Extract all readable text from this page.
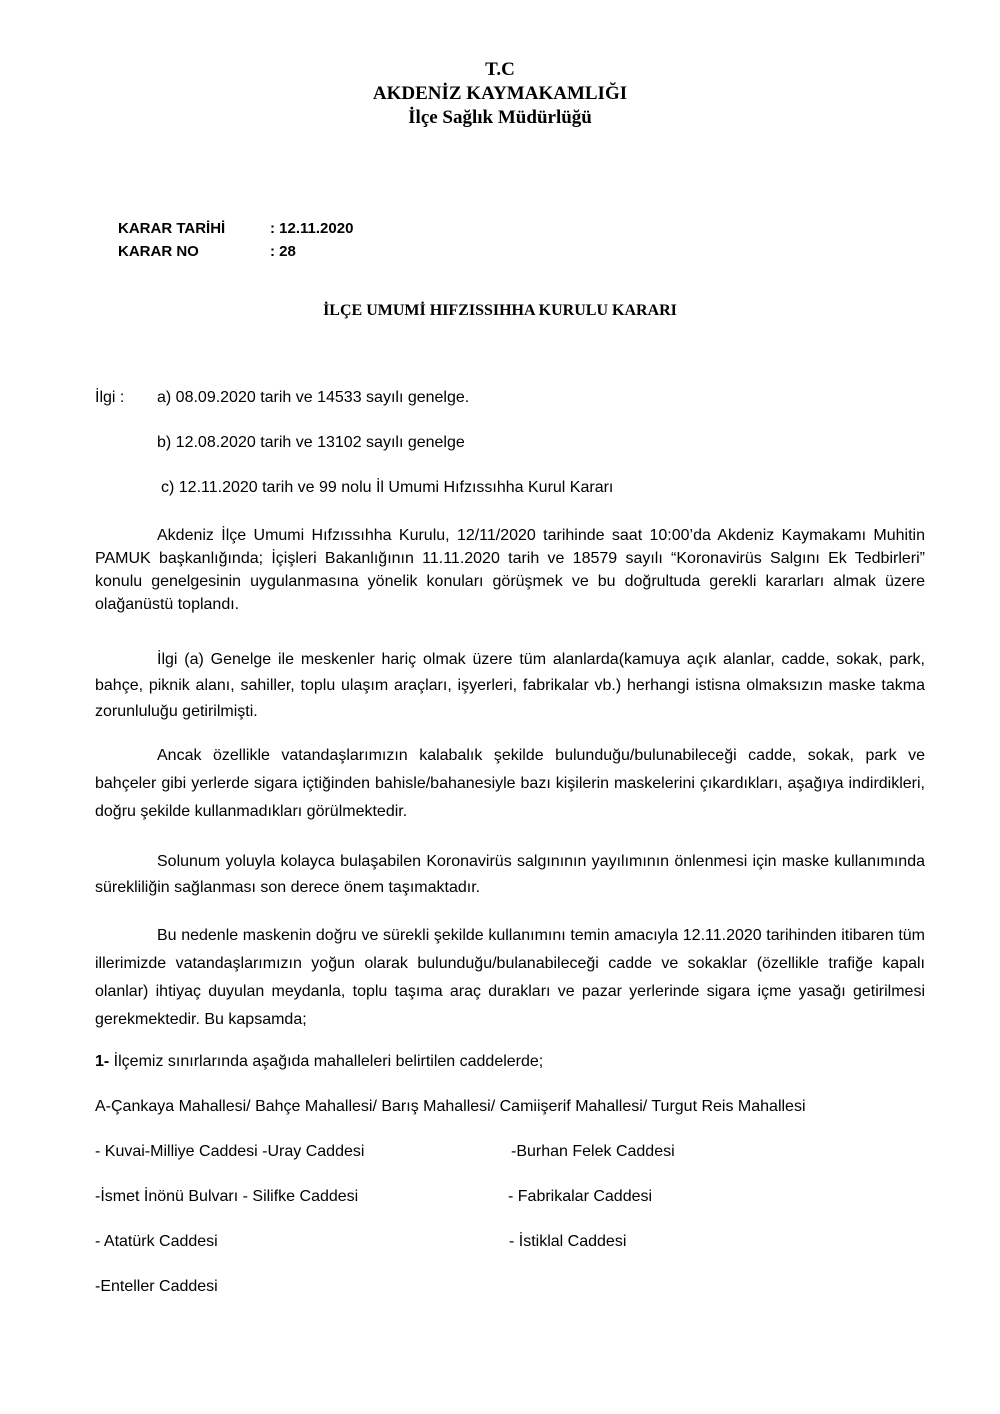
T.C
AKDENİZ KAYMAKAMLIĞI
İlçe Sağlık Müdürlüğü
KARAR TARİHİ	: 12.11.2020
KARAR NO	: 28
İLÇE UMUMİ HIFZISSIHHA KURULU KARARI
İlgi : a) 08.09.2020 tarih ve 14533 sayılı genelge.
b) 12.08.2020 tarih ve 13102 sayılı genelge
c) 12.11.2020 tarih ve 99 nolu İl Umumi Hıfzıssıhha Kurul Kararı
Akdeniz İlçe Umumi Hıfzıssıhha Kurulu, 12/11/2020 tarihinde saat 10:00’da Akdeniz Kaymakamı Muhitin PAMUK başkanlığında; İçişleri Bakanlığının 11.11.2020 tarih ve 18579 sayılı “Koronavirüs Salgını Ek Tedbirleri” konulu genelgesinin uygulanmasına yönelik konuları görüşmek ve bu doğrultuda gerekli kararları almak üzere olağanüstü toplandı.
İlgi (a) Genelge ile meskenler hariç olmak üzere tüm alanlarda(kamuya açık alanlar, cadde, sokak, park, bahçe, piknik alanı, sahiller, toplu ulaşım araçları, işyerleri, fabrikalar vb.) herhangi istisna olmaksızın maske takma zorunluluğu getirilmişti.
Ancak özellikle vatandaşlarımızın kalabalık şekilde bulunduğu/bulunabileceği cadde, sokak, park ve bahçeler gibi yerlerde sigara içtiğinden bahisle/bahanesiyle bazı kişilerin maskelerini çıkardıkları, aşağıya indirdikleri, doğru şekilde kullanmadıkları görülmektedir.
Solunum yoluyla kolayca bulaşabilen Koronavirüs salgınının yayılımının önlenmesi için maske kullanımında sürekliliğin sağlanması son derece önem taşımaktadır.
Bu nedenle maskenin doğru ve sürekli şekilde kullanımını temin amacıyla 12.11.2020 tarihinden itibaren tüm illerimizde vatandaşlarımızın yoğun olarak bulunduğu/bulanabileceği cadde ve sokaklar (özellikle trafiğe kapalı olanlar) ihtiyaç duyulan meydanla, toplu taşıma araç durakları ve pazar yerlerinde sigara içme yasağı getirilmesi gerekmektedir. Bu kapsamda;
1- İlçemiz sınırlarında aşağıda mahalleleri belirtilen caddelerde;
A-Çankaya Mahallesi/ Bahçe Mahallesi/ Barış Mahallesi/ Camiişerif Mahallesi/ Turgut Reis Mahallesi
- Kuvai-Milliye Caddesi -Uray Caddesi	-Burhan Felek Caddesi
-İsmet İnönü Bulvarı - Silifke Caddesi	- Fabrikalar Caddesi
- Atatürk Caddesi	- İstiklal Caddesi
-Enteller Caddesi
